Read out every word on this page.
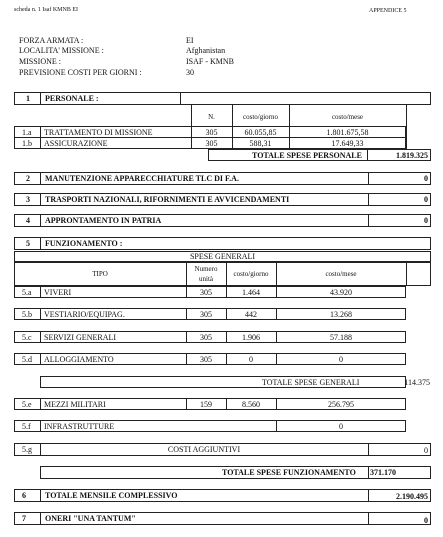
scheda n. 1 Isaf KMNB EI	APPENDICE 5
FORZA ARMATA :	EI
LOCALITA' MISSIONE :	Afghanistan
MISSIONE :	ISAF - KMNB
PREVISIONE COSTI PER GIORNI :	30
1 PERSONALE :
N.	costo/giorno	costo/mese
1.a TRATTAMENTO DI MISSIONE	305	60.055,85	1.801.675,58
1.b ASSICURAZIONE	305	588,31	17.649,33
TOTALE SPESE PERSONALE	1.819.325
2 MANUTENZIONE APPARECCHIATURE TLC DI F.A.	0
3 TRASPORTI NAZIONALI, RIFORNIMENTI E AVVICENDAMENTI	0
4 APPRONTAMENTO IN PATRIA	0
5 FUNZIONAMENTO :
SPESE GENERALI
TIPO
Numero
unità
costo/giorno	costo/mese
5.a VIVERI	305	1.464	43.920
5.b VESTIARIO/EQUIPAG.	305	442	13.268
5.c SERVIZI GENERALI	305	1.906	57.188
5.d ALLOGGIAMENTO	305	0	0
TOTALE SPESE GENERALI	114.375
5.e MEZZI MILITARI	159	8.560	256.795
5.f INFRASTRUTTURE	0
5.g	COSTI AGGIUNTIVI	0
TOTALE SPESE FUNZIONAMENTO 371.170
6 TOTALE MENSILE COMPLESSIVO	2.190.495
7 ONERI "UNA TANTUM"	0
